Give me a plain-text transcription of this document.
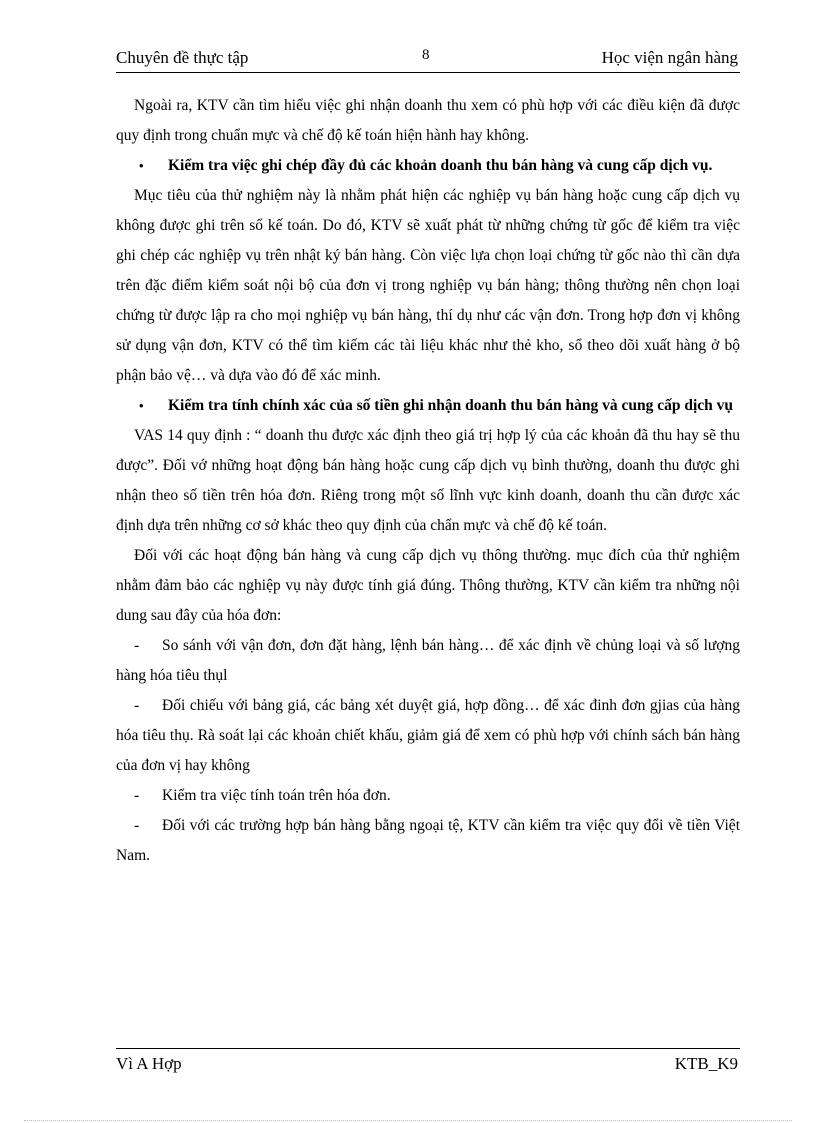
Chuyên đề thực tập	8	Học viện ngân hàng

Ngoài ra, KTV cần tìm hiểu việc ghi nhận doanh thu xem có phù hợp với các điều kiện đã được quy định trong chuẩn mực và chế độ kế toán hiện hành hay không.

• Kiểm tra việc ghi chép đầy đủ các khoản doanh thu bán hàng và cung cấp dịch vụ.

Mục tiêu của thử nghiệm này là nhằm phát hiện các nghiệp vụ bán hàng hoặc cung cấp dịch vụ không được ghi trên sổ kế toán. Do đó, KTV sẽ xuất phát từ những chứng từ gốc để kiểm tra việc ghi chép các nghiệp vụ trên nhật ký bán hàng. Còn việc lựa chọn loại chứng từ gốc nào thì cần dựa trên đặc điểm kiểm soát nội bộ của đơn vị trong nghiệp vụ bán hàng; thông thường nên chọn loại chứng từ được lập ra cho mọi nghiệp vụ bán hàng, thí dụ như các vận đơn. Trong hợp đơn vị không sử dụng vận đơn, KTV có thể tìm kiếm các tài liệu khác như thẻ kho, sổ theo dõi xuất hàng ở bộ phận bảo vệ… và dựa vào đó để xác minh.

• Kiểm tra tính chính xác của số tiền ghi nhận doanh thu bán hàng và cung cấp dịch vụ

VAS 14 quy định : “ doanh thu được xác định theo giá trị hợp lý của các khoản đã thu hay sẽ thu được”. Đối vớ những hoạt động bán hàng hoặc cung cấp dịch vụ bình thường, doanh thu được ghi nhận theo số tiền trên hóa đơn. Riêng trong một số lĩnh vực kinh doanh, doanh thu cần được xác định dựa trên những cơ sở khác theo quy định của chẩn mực và chế độ kế toán.

Đối với các hoạt động bán hàng và cung cấp dịch vụ thông thường. mục đích của thử nghiệm nhằm đảm bảo các nghiệp vụ này được tính giá đúng. Thông thường, KTV cần kiểm tra những nội dung sau đây của hóa đơn:

- So sánh với vận đơn, đơn đặt hàng, lệnh bán hàng… để xác định về chủng loại và số lượng hàng hóa tiêu thụl

- Đối chiếu với bảng giá, các bảng xét duyệt giá, hợp đồng… để xác đinh đơn gjias của hàng hóa tiêu thụ. Rà soát lại các khoản chiết khấu, giảm giá để xem có phù hợp với chính sách bán hàng của đơn vị hay không

- Kiểm tra việc tính toán trên hóa đơn.

- Đối với các trường hợp bán hàng bằng ngoại tệ, KTV cần kiểm tra việc quy đổi về tiền Việt Nam.

Vì A Hợp	KTB_K9
